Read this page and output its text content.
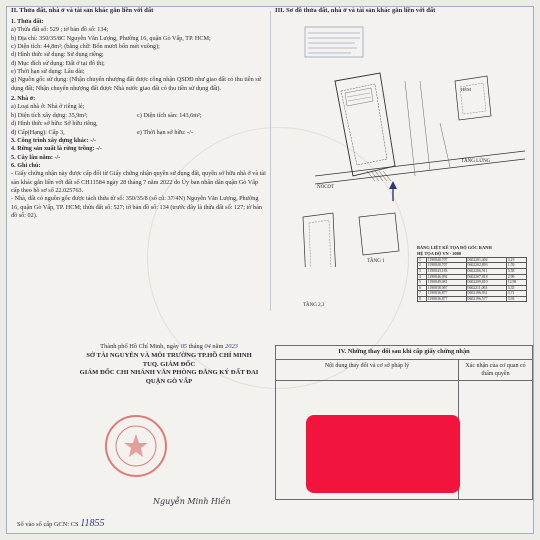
II. Thửa đất, nhà ở và tài sản khác gắn liền với đất
1. Thửa đất:
a) Thửa đất số: 529 ; tờ bản đồ số: 134;
b) Địa chỉ: 350/35/8C Nguyễn Văn Lượng, Phường 16, quận Gò Vấp, TP. HCM;
c) Diện tích: 44,8m²; (bằng chữ: Bốn mươi bốn mét vuông);
d) Hình thức sử dụng: Sử dụng riêng;
đ) Mục đích sử dụng: Đất ở tại đô thị;
e) Thời hạn sử dụng: Lâu dài;
g) Nguồn gốc sử dụng: (Nhận chuyển nhượng đất được công nhận QSDĐ như giao đất có thu tiền sử dụng đất; Nhận chuyển nhượng đất được Nhà nước giao đất có thu tiền sử dụng đất).
2. Nhà ở:
a) Loại nhà ở: Nhà ở riêng lẻ;
b) Diện tích xây dựng: 35,9m²;	c) Diện tích sàn: 143,6m²;
d) Hình thức sở hữu: Sở hữu riêng,
đ) Cấp(Hạng): Cấp 3,	e) Thời hạn sở hữu: -/-
3. Công trình xây dựng khác: -/-
4. Rừng sản xuất là rừng trồng: -/-
5. Cây lâu năm: -/-
6. Ghi chú:
- Giấy chứng nhận này được cấp đổi từ Giấy chứng nhận quyền sử dụng đất, quyền sở hữu nhà ở và tài sản khác gắn liền với đất số CH11584 ngày 28 tháng 7 năm 2022 do Ủy ban nhân dân quận Gò Vấp cấp theo hồ sơ số 22.025763.
- Nhà, đất có nguồn gốc được tách thửa từ số: 350/35/8 (số cũ: 37/4N) Nguyễn Văn Lượng, Phường 16, quận Gò Vấp, TP. HCM; thửa đất số: 527; tờ bản đồ số: 134 (trước đây là thửa đất số: 127; tờ bản đồ số: 02).
Thành phố Hồ Chí Minh, ngày 05 tháng 04 năm 2023
SỞ TÀI NGUYÊN VÀ MÔI TRƯỜNG TP.HỒ CHÍ MINH
TUQ. GIÁM ĐỐC
GIÁM ĐỐC CHI NHÁNH VĂN PHÒNG ĐĂNG KÝ ĐẤT ĐAI
QUẬN GÒ VẤP
Nguyễn Minh Hiền
Số vào sổ cấp GCN: CS 11855
III. Sơ đồ thửa đất, nhà ở và tài sản khác gắn liền với đất
HẺM
TẦNG LỬNG
NOCOT
TẦNG 1
TẦNG 2,3
BẢNG LIỆT KÊ TỌA ĐỘ GÓC RANH
HỆ TỌA ĐỘ VN - 2000
1	1190840,707	0602201,404	3,19
2	1190840,707	0602202,893	1,59
3	1190843,183	0602206,911	5,58
4	1190846,092	0602207,818	2,99
5	1190849,081	0602209,810	12,98
6	1190838,967	0602211,063	3,35
7	1190836,877	0602196,931	3,71
8	1190836,877	0602196,577	3,93
IV. Những thay đổi sau khi cấp giấy chứng nhận
Nội dung thay đổi và cơ sở pháp lý	Xác nhận của cơ quan có thẩm quyền
